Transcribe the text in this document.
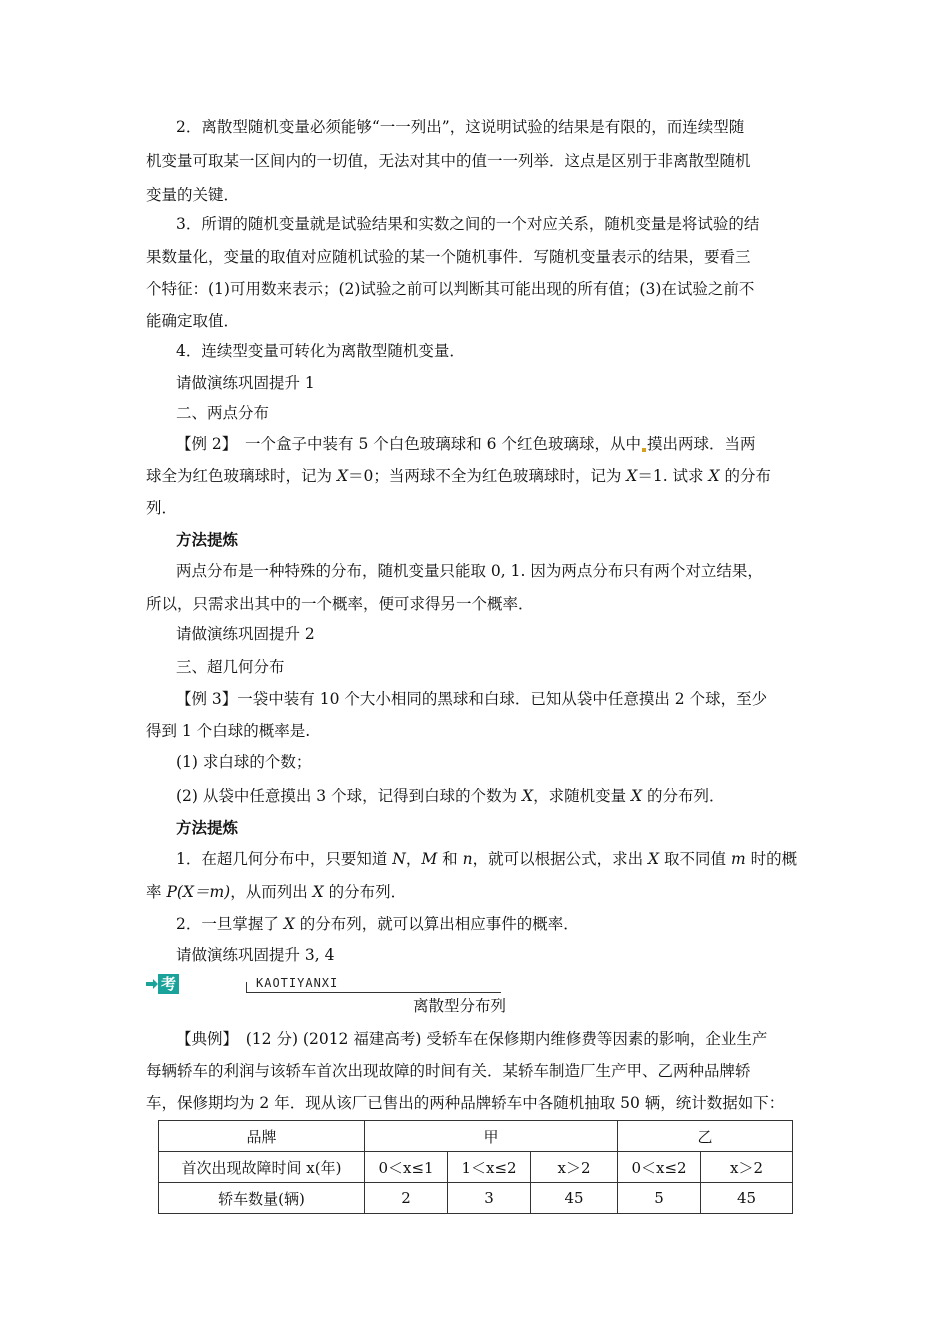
2．离散型随机变量必须能够“一一列出”，这说明试验的结果是有限的，而连续型随
机变量可取某一区间内的一切值，无法对其中的值一一列举．这点是区别于非离散型随机
变量的关键．
3．所谓的随机变量就是试验结果和实数之间的一个对应关系，随机变量是将试验的结
果数量化，变量的取值对应随机试验的某一个随机事件．写随机变量表示的结果，要看三
个特征：(1)可用数来表示；(2)试验之前可以判断其可能出现的所有值；(3)在试验之前不
能确定取值．
4．连续型变量可转化为离散型随机变量．
请做演练巩固提升 1
二、两点分布
【例 2】　一个盒子中装有 5 个白色玻璃球和 6 个红色玻璃球，从中 摸出两球．当两
球全为红色玻璃球时，记为 X＝0；当两球不全为红色玻璃球时，记为 X＝1. 试求 X 的分布
列．
方法提炼
两点分布是一种特殊的分布，随机变量只能取 0, 1. 因为两点分布只有两个对立结果，
所以，只需求出其中的一个概率，便可求得另一个概率．
请做演练巩固提升 2
三、超几何分布
【例 3】一袋中装有 10 个大小相同的黑球和白球．已知从袋中任意摸出 2 个球，至少
得到 1 个白球的概率是.
(1) 求白球的个数；
(2) 从袋中任意摸出 3 个球，记得到白球的个数为 X，求随机变量 X 的分布列．
方法提炼
1．在超几何分布中，只要知道 N，M 和 n，就可以根据公式，求出 X 取不同值 m 时的概
率 P(X＝m)，从而列出 X 的分布列．
2．一旦掌握了 X 的分布列，就可以算出相应事件的概率．
请做演练巩固提升 3, 4
考题研析
KAOTIYANXI
离散型分布列
【典例】　(12 分) (2012 福建高考) 受轿车在保修期内维修费等因素的影响，企业生产
每辆轿车的利润与该轿车首次出现故障的时间有关．某轿车制造厂生产甲、乙两种品牌轿
车，保修期均为 2 年．现从该厂已售出的两种品牌轿车中各随机抽取 50 辆，统计数据如下：
品牌	甲			乙	
首次出现故障时间 x(年)	0＜x≤1	1＜x≤2	x＞2	0＜x≤2	x＞2
轿车数量(辆)	2	3	45	5	45
